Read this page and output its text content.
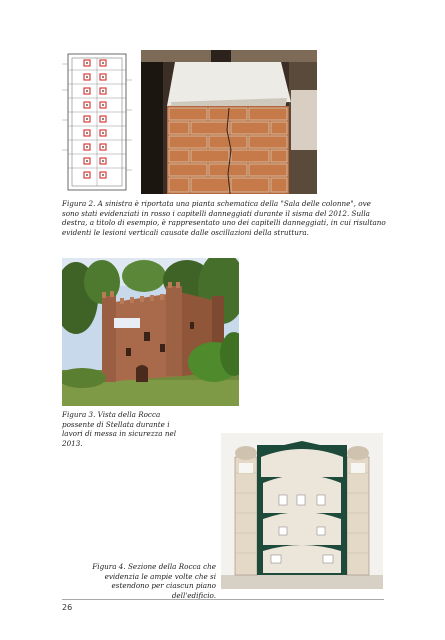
Figura 2. A sinistra è riportata una pianta schematica della "Sala delle colonne", ove sono stati evidenziati in rosso i capitelli danneggiati durante il sisma del 2012. Sulla destra, a titolo di esempio, è rappresentato uno dei capitelli danneggiati, in cui risultano evidenti le lesioni verticali causate dalle oscillazioni della struttura.

Figura 3. Vista della Rocca possente di Stellata durante i lavori di messa in sicurezza nel 2013.

Figura 4. Sezione della Rocca che evidenzia le ampie volte che si estendono per ciascun piano dell'edificio.

26
